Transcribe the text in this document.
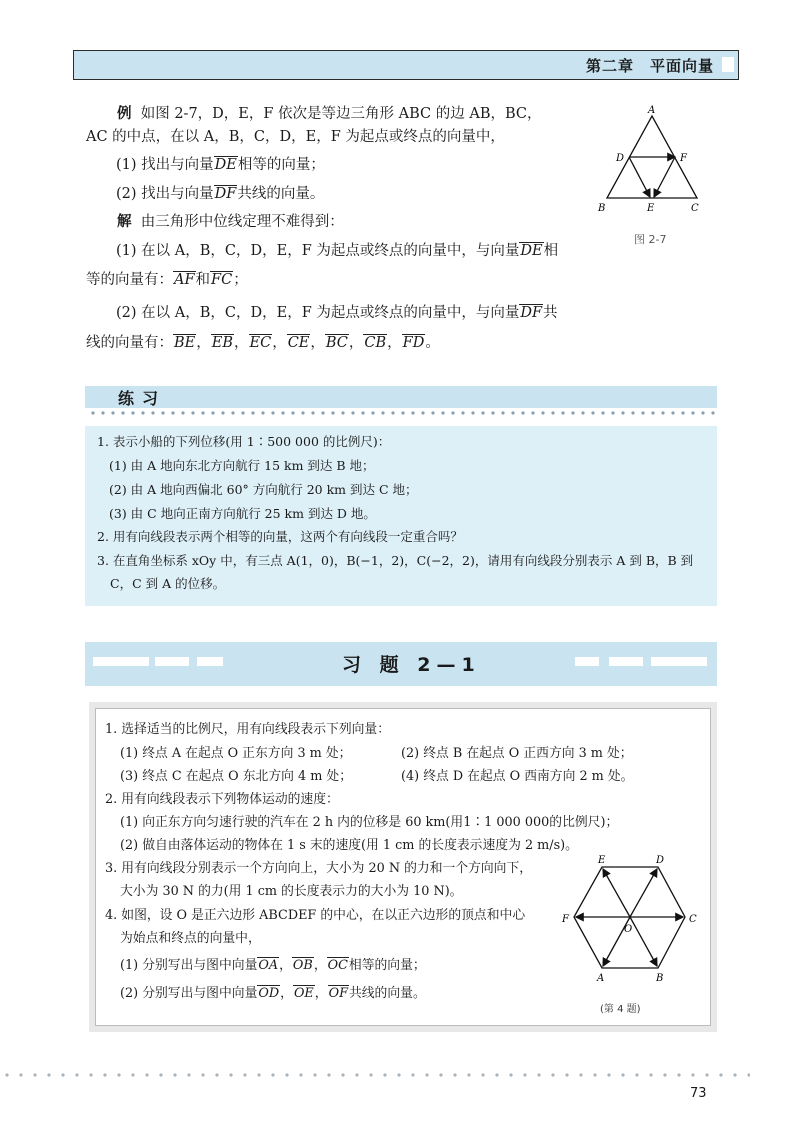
第二章　平面向量
例 如图 2-7，D，E，F 依次是等边三角形 ABC 的边 AB，BC，
AC 的中点，在以 A，B，C，D，E，F 为起点或终点的向量中，
(1) 找出与向量DE相等的向量；
(2) 找出与向量DF共线的向量。
解 由三角形中位线定理不难得到：
(1) 在以 A，B，C，D，E，F 为起点或终点的向量中，与向量DE相
等的向量有：AF和FC；
(2) 在以 A，B，C，D，E，F 为起点或终点的向量中，与向量DF共
线的向量有：BE，EB，EC，CE，BC，CB，FD。
A
B	C
D
E
F
图 2-7
练习
1. 表示小船的下列位移(用 1∶500 000 的比例尺)：
(1) 由 A 地向东北方向航行 15 km 到达 B 地；
(2) 由 A 地向西偏北 60° 方向航行 20 km 到达 C 地；
(3) 由 C 地向正南方向航行 25 km 到达 D 地。
2. 用有向线段表示两个相等的向量，这两个有向线段一定重合吗？
3. 在直角坐标系 xOy 中，有三点 A(1，0)，B(−1，2)，C(−2，2)，请用有向线段分别表示 A 到 B，B 到
C，C 到 A 的位移。
习 题 2—1
1. 选择适当的比例尺，用有向线段表示下列向量：
(1) 终点 A 在起点 O 正东方向 3 m 处；	(2) 终点 B 在起点 O 正西方向 3 m 处；
(3) 终点 C 在起点 O 东北方向 4 m 处；	(4) 终点 D 在起点 O 西南方向 2 m 处。
2. 用有向线段表示下列物体运动的速度：
(1) 向正东方向匀速行驶的汽车在 2 h 内的位移是 60 km(用1∶1 000 000的比例尺)；
(2) 做自由落体运动的物体在 1 s 末的速度(用 1 cm 的长度表示速度为 2 m/s)。
3. 用有向线段分别表示一个方向向上，大小为 20 N 的力和一个方向向下，
大小为 30 N 的力(用 1 cm 的长度表示力的大小为 10 N)。
4. 如图，设 O 是正六边形 ABCDEF 的中心，在以正六边形的顶点和中心
为始点和终点的向量中，
(1) 分别写出与图中向量OA，OB，OC相等的向量；
(2) 分别写出与图中向量OD，OE，OF共线的向量。
A	B
C
D
E
F
O
(第 4 题)
73
